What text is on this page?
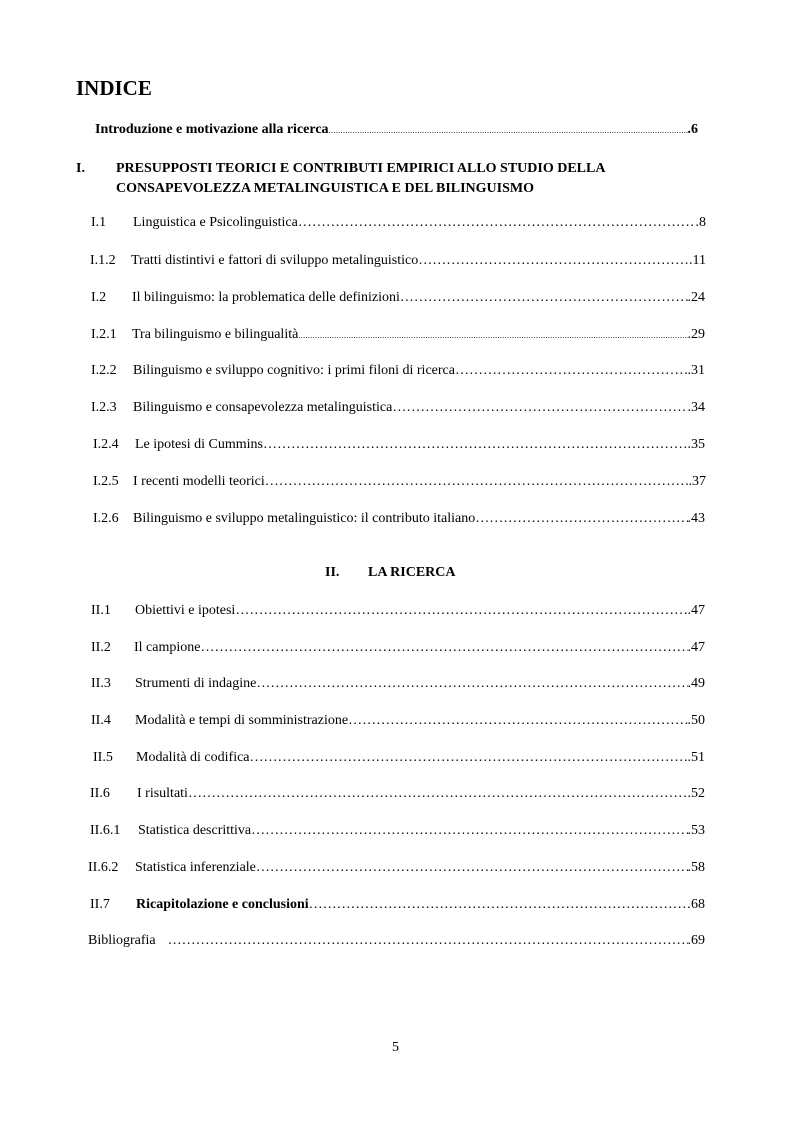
INDICE
Introduzione e motivazione alla ricerca .....	.6
I. PRESUPPOSTI TEORICI E CONTRIBUTI EMPIRICI ALLO STUDIO DELLA
CONSAPEVOLEZZA METALINGUISTICA E DEL BILINGUISMO
I.1	Linguistica e Psicolinguistica ……………………………………………………………………………………………………………………………………………………………………………………………………	.8
I.1.2	Tratti distintivi e fattori di sviluppo metalinguistico ……………………………………………………………………………………………………………………………………………………………………………………………………	.11
I.2	Il bilinguismo: la problematica delle definizioni ……………………………………………………………………………………………………………………………………………………………………………………………………	.24
I.2.1	Tra bilinguismo e bilingualità .....	.29
I.2.2	Bilinguismo e sviluppo cognitivo: i primi filoni di ricerca ……………………………………………………………………………………………………………………………………………………………………………………………………	.31
I.2.3	Bilinguismo e consapevolezza metalinguistica ……………………………………………………………………………………………………………………………………………………………………………………………………	.34
I.2.4	Le ipotesi di Cummins ……………………………………………………………………………………………………………………………………………………………………………………………………	.35
I.2.5	I recenti modelli teorici ……………………………………………………………………………………………………………………………………………………………………………………………………	.37
I.2.6	Bilinguismo e sviluppo metalinguistico: il contributo italiano ……………………………………………………………………………………………………………………………………………………………………………………………………	.43
II. LA RICERCA
II.1	Obiettivi e ipotesi ……………………………………………………………………………………………………………………………………………………………………………………………………	.47
II.2	Il campione ……………………………………………………………………………………………………………………………………………………………………………………………………	.47
II.3	Strumenti di indagine ……………………………………………………………………………………………………………………………………………………………………………………………………	.49
II.4	Modalità e tempi di somministrazione ……………………………………………………………………………………………………………………………………………………………………………………………………	.50
II.5	Modalità di codifica ……………………………………………………………………………………………………………………………………………………………………………………………………	.51
II.6	I risultati ……………………………………………………………………………………………………………………………………………………………………………………………………	.52
II.6.1	Statistica descrittiva ……………………………………………………………………………………………………………………………………………………………………………………………………	.53
II.6.2	Statistica inferenziale ……………………………………………………………………………………………………………………………………………………………………………………………………	.58
II.7	Ricapitolazione e conclusioni ……………………………………………………………………………………………………………………………………………………………………………………………………	68
Bibliografia ……………………………………………………………………………………………………………………………………………………………………………………………………	.69
5
